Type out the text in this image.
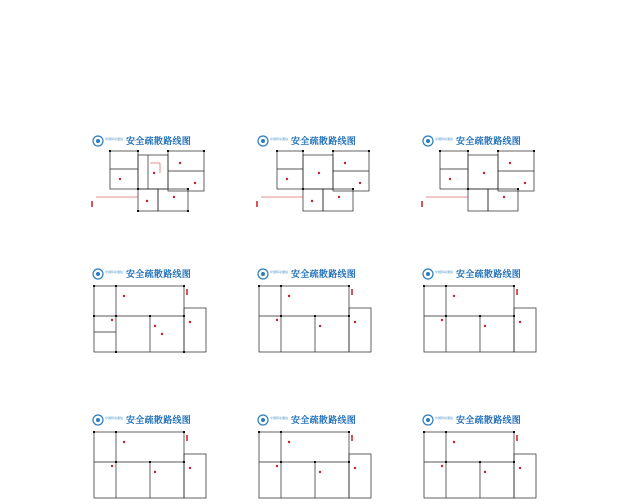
中国移动通信 安全疏散路线图	中国移动通信 安全疏散路线图	中国移动通信 安全疏散路线图
中国移动通信 安全疏散路线图	中国移动通信 安全疏散路线图	中国移动通信 安全疏散路线图
中国移动通信 安全疏散路线图	中国移动通信 安全疏散路线图	中国移动通信 安全疏散路线图
